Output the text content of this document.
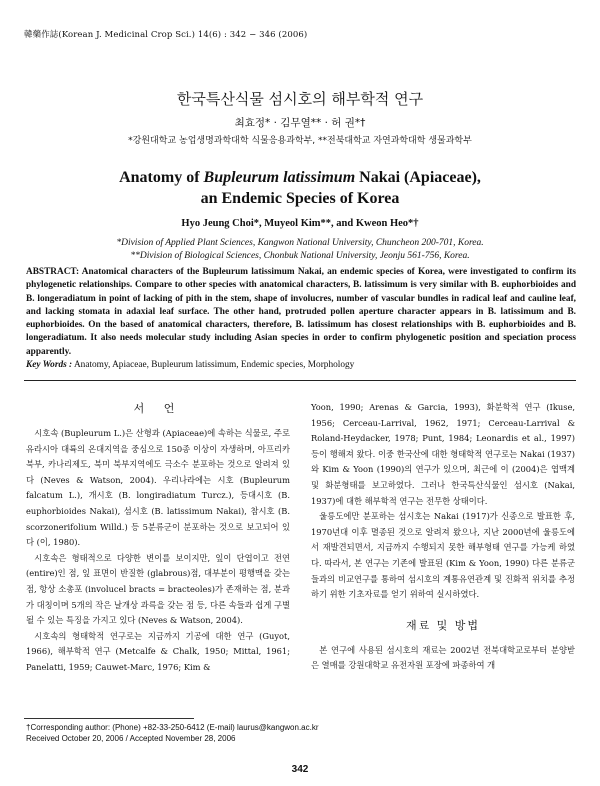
韓藥作誌(Korean J. Medicinal Crop Sci.) 14(6) : 342 − 346 (2006)
한국특산식물 섬시호의 해부학적 연구
최효정* · 김무열** · 허 권*†
*강원대학교 농업생명과학대학 식물응용과학부, **전북대학교 자연과학대학 생물과학부
Anatomy of Bupleurum latissimum Nakai (Apiaceae),
an Endemic Species of Korea
Hyo Jeung Choi*, Muyeol Kim**, and Kweon Heo*†
*Division of Applied Plant Sciences, Kangwon National University, Chuncheon 200-701, Korea.
**Division of Biological Sciences, Chonbuk National University, Jeonju 561-756, Korea.
ABSTRACT: Anatomical characters of the Bupleurum latissimum Nakai, an endemic species of Korea, were investigated to confirm its phylogenetic relationships. Compare to other species with anatomical characters, B. latissimum is very similar with B. euphorbioides and B. longeradiatum in point of lacking of pith in the stem, shape of involucres, number of vascular bundles in radical leaf and cauline leaf, and lacking stomata in adaxial leaf surface. The other hand, protruded pollen aperture character appears in B. latissimum and B. euphorbioides. On the based of anatomical characters, therefore, B. latissimum has closest relationships with B. euphorbioides and B. longeradiatum. It also needs molecular study including Asian species in order to confirm phylogenetic position and speciation process apparently.
Key Words : Anatomy, Apiaceae, Bupleurum latissimum, Endemic species, Morphology
서 언

시호속 (Bupleurum L.)은 산형과 (Apiaceae)에 속하는 식물로, 주로 유라시아 대륙의 온대지역을 중심으로 150종 이상이 자생하며, 아프리카 북부, 카나리제도, 북미 북부지역에도 극소수 분포하는 것으로 알려져 있다 (Neves & Watson, 2004). 우리나라에는 시호 (Bupleurum falcatum L.), 개시호 (B. longiradiatum Turcz.), 등대시호 (B. euphorbioides Nakai), 섬시호 (B. latissimum Nakai), 참시호 (B. scorzonerifolium Willd.) 등 5분류군이 분포하는 것으로 보고되어 있다 (이, 1980).

시호속은 형태적으로 다양한 변이를 보이지만, 잎이 단엽이고 전연 (entire)인 점, 잎 표면이 반질한 (glabrous)점, 대부분이 평행맥을 갖는 점, 항상 소총포 (involucel bracts = bracteoles)가 존재하는 점, 분과가 대칭이며 5개의 작은 날개상 과륵을 갖는 점 등, 다른 속들과 쉽게 구별될 수 있는 특징을 가지고 있다 (Neves & Watson, 2004).

시호속의 형태학적 연구로는 지금까지 기공에 대한 연구 (Guyot, 1966), 해부학적 연구 (Metcalfe & Chalk, 1950; Mittal, 1961; Panelatti, 1959; Cauwet-Marc, 1976; Kim &

Yoon, 1990; Arenas & Garcia, 1993), 화분학적 연구 (Ikuse, 1956; Cerceau-Larrival, 1962, 1971; Cerceau-Larrival & Roland-Heydacker, 1978; Punt, 1984; Leonardis et al., 1997) 등이 행해져 왔다. 이중 한국산에 대한 형태학적 연구로는 Nakai (1937)와 Kim & Yoon (1990)의 연구가 있으며, 최근에 이 (2004)은 엽맥계 및 화분형태를 보고하였다. 그러나 한국특산식물인 섬시호 (Nakai, 1937)에 대한 해부학적 연구는 전무한 상태이다.

울릉도에만 분포하는 섬시호는 Nakai (1917)가 신종으로 발표한 후, 1970년대 이후 멸종된 것으로 알려져 왔으나, 지난 2000년에 울릉도에서 재발견되면서, 지금까지 수행되지 못한 해부형태 연구를 가능케 하였다. 따라서, 본 연구는 기존에 발표된 (Kim & Yoon, 1990) 다른 분류군들과의 비교연구를 통하여 섬시호의 계통유연관계 및 진화적 위치를 추정하기 위한 기초자료를 얻기 위하여 실시하였다.

재료 및 방법

본 연구에 사용된 섬시호의 재료는 2002년 전북대학교로부터 분양받은 열매를 강원대학교 유전자원 포장에 파종하여 개

†Corresponding author: (Phone) +82-33-250-6412 (E-mail) laurus@kangwon.ac.kr
Received October 20, 2006 / Accepted November 28, 2006
342
